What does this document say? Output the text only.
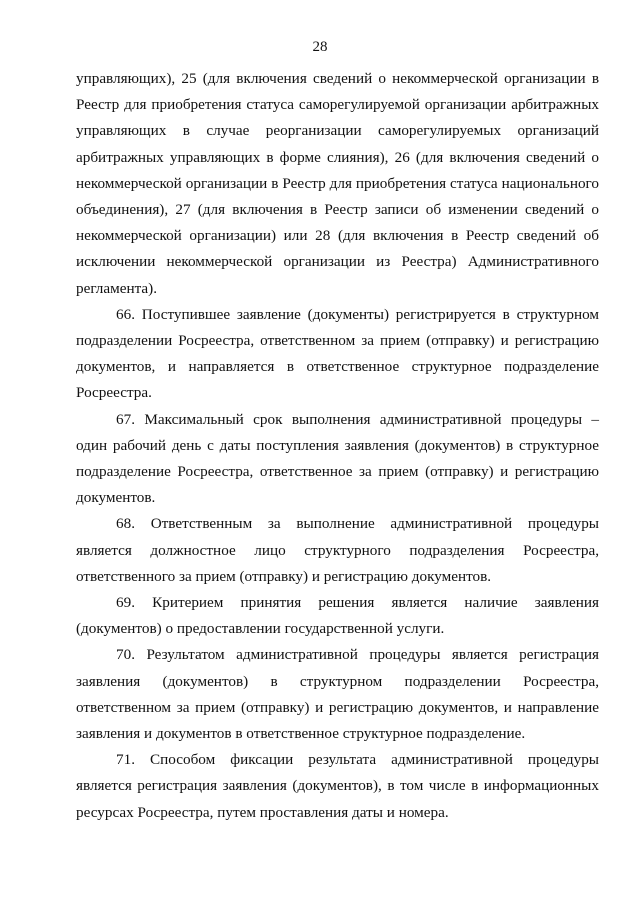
28

управляющих), 25 (для включения сведений о некоммерческой организации в Реестр для приобретения статуса саморегулируемой организации арбитражных управляющих в случае реорганизации саморегулируемых организаций арбитражных управляющих в форме слияния), 26 (для включения сведений о некоммерческой организации в Реестр для приобретения статуса национального объединения), 27 (для включения в Реестр записи об изменении сведений о некоммерческой организации) или 28 (для включения в Реестр сведений об исключении некоммерческой организации из Реестра) Административного регламента).

66. Поступившее заявление (документы) регистрируется в структурном подразделении Росреестра, ответственном за прием (отправку) и регистрацию документов, и направляется в ответственное структурное подразделение Росреестра.

67. Максимальный срок выполнения административной процедуры – один рабочий день с даты поступления заявления (документов) в структурное подразделение Росреестра, ответственное за прием (отправку) и регистрацию документов.

68. Ответственным за выполнение административной процедуры является должностное лицо структурного подразделения Росреестра, ответственного за прием (отправку) и регистрацию документов.

69. Критерием принятия решения является наличие заявления (документов) о предоставлении государственной услуги.

70. Результатом административной процедуры является регистрация заявления (документов) в структурном подразделении Росреестра, ответственном за прием (отправку) и регистрацию документов, и направление заявления и документов в ответственное структурное подразделение.

71. Способом фиксации результата административной процедуры является регистрация заявления (документов), в том числе в информационных ресурсах Росреестра, путем проставления даты и номера.
